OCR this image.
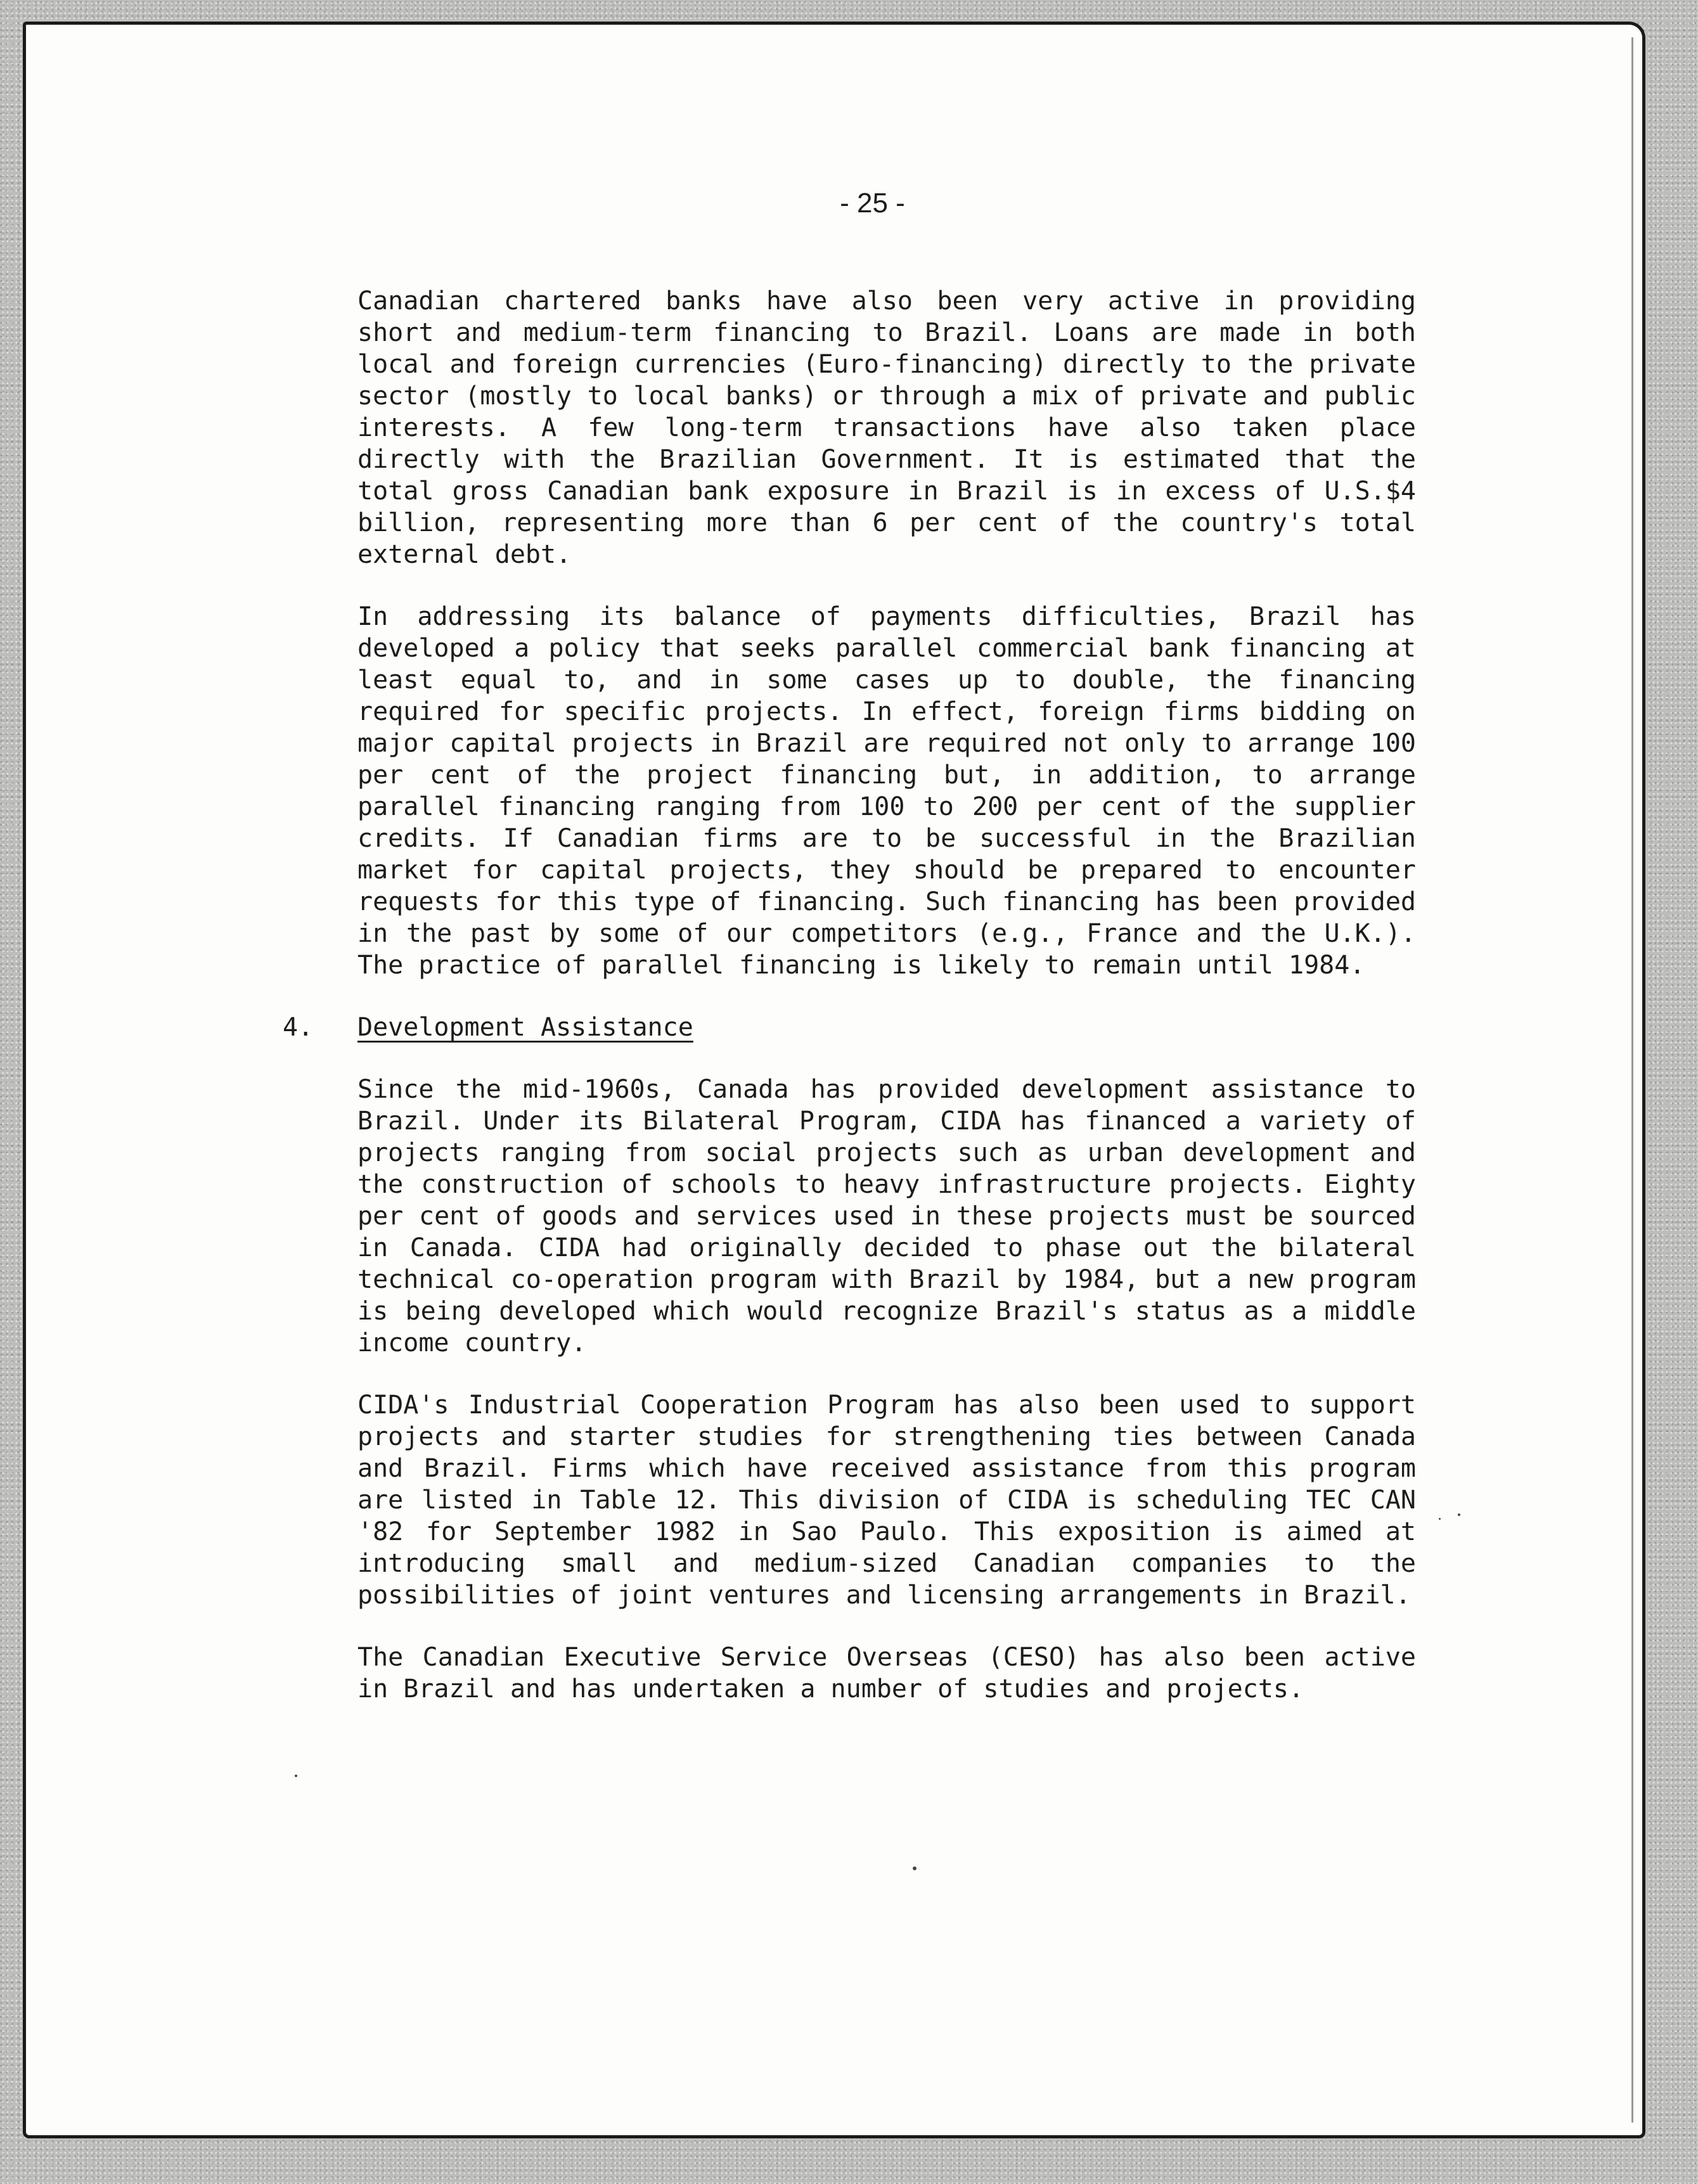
- 25 -

Canadian chartered banks have also been very active in providing short and medium-term financing to Brazil. Loans are made in both local and foreign currencies (Euro-financing) directly to the private sector (mostly to local banks) or through a mix of private and public interests. A few long-term transactions have also taken place directly with the Brazilian Government. It is estimated that the total gross Canadian bank exposure in Brazil is in excess of U.S.$4 billion, representing more than 6 per cent of the country's total external debt.

In addressing its balance of payments difficulties, Brazil has developed a policy that seeks parallel commercial bank financing at least equal to, and in some cases up to double, the financing required for specific projects. In effect, foreign firms bidding on major capital projects in Brazil are required not only to arrange 100 per cent of the project financing but, in addition, to arrange parallel financing ranging from 100 to 200 per cent of the supplier credits. If Canadian firms are to be successful in the Brazilian market for capital projects, they should be prepared to encounter requests for this type of financing. Such financing has been provided in the past by some of our competitors (e.g., France and the U.K.). The practice of parallel financing is likely to remain until 1984.

4. Development Assistance

Since the mid-1960s, Canada has provided development assistance to Brazil. Under its Bilateral Program, CIDA has financed a variety of projects ranging from social projects such as urban development and the construction of schools to heavy infrastructure projects. Eighty per cent of goods and services used in these projects must be sourced in Canada. CIDA had originally decided to phase out the bilateral technical co-operation program with Brazil by 1984, but a new program is being developed which would recognize Brazil's status as a middle income country.

CIDA's Industrial Cooperation Program has also been used to support projects and starter studies for strengthening ties between Canada and Brazil. Firms which have received assistance from this program are listed in Table 12. This division of CIDA is scheduling TEC CAN '82 for September 1982 in Sao Paulo. This exposition is aimed at introducing small and medium-sized Canadian companies to the possibilities of joint ventures and licensing arrangements in Brazil.

The Canadian Executive Service Overseas (CESO) has also been active in Brazil and has undertaken a number of studies and projects.
